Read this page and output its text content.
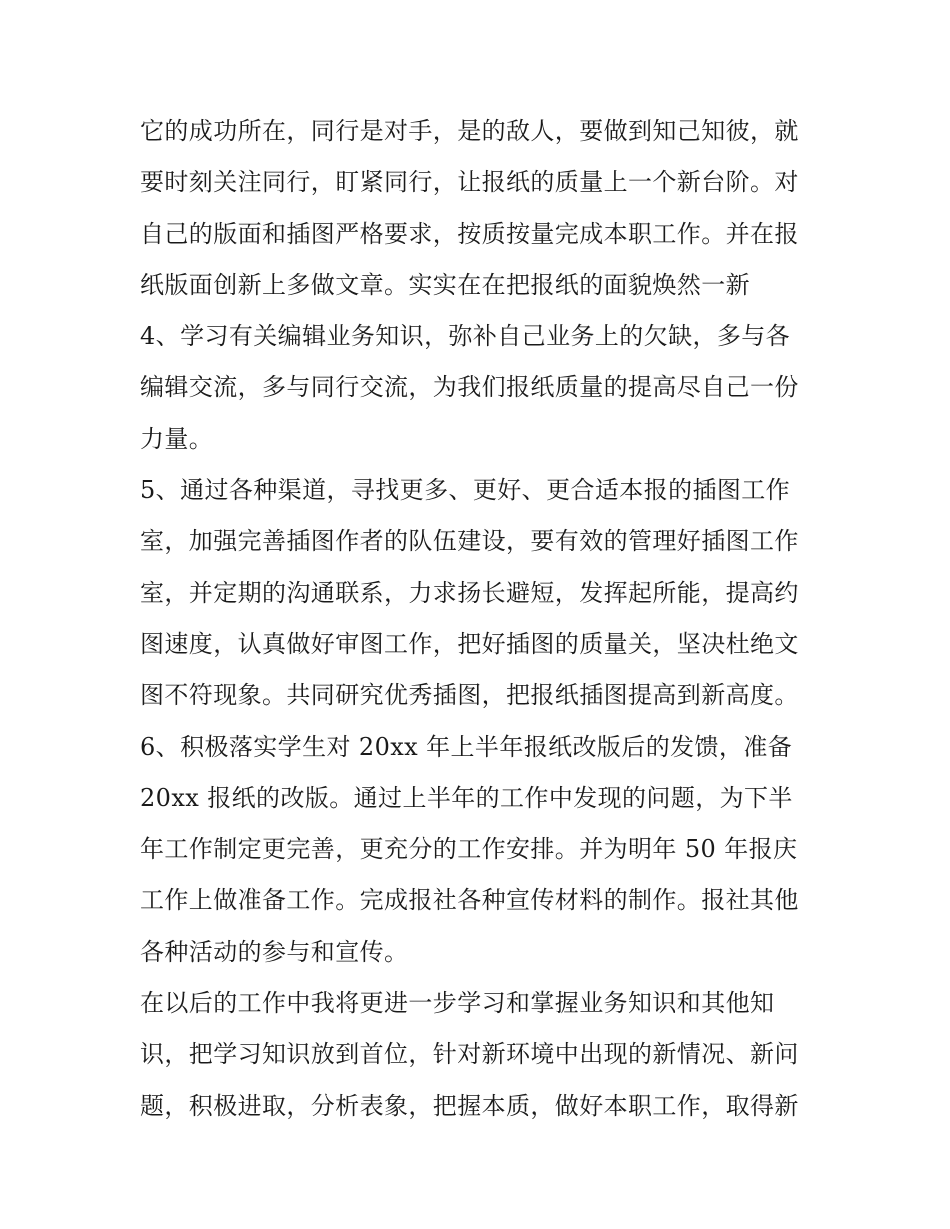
它的成功所在，同行是对手，是的敌人，要做到知己知彼，就
要时刻关注同行，盯紧同行，让报纸的质量上一个新台阶。对
自己的版面和插图严格要求，按质按量完成本职工作。并在报
纸版面创新上多做文章。实实在在把报纸的面貌焕然一新
4、学习有关编辑业务知识，弥补自己业务上的欠缺，多与各
编辑交流，多与同行交流，为我们报纸质量的提高尽自己一份
力量。
5、通过各种渠道，寻找更多、更好、更合适本报的插图工作
室，加强完善插图作者的队伍建设，要有效的管理好插图工作
室，并定期的沟通联系，力求扬长避短，发挥起所能，提高约
图速度，认真做好审图工作，把好插图的质量关，坚决杜绝文
图不符现象。共同研究优秀插图，把报纸插图提高到新高度。
6、积极落实学生对 20xx 年上半年报纸改版后的发馈，准备
20xx 报纸的改版。通过上半年的工作中发现的问题，为下半
年工作制定更完善，更充分的工作安排。并为明年 50 年报庆
工作上做准备工作。完成报社各种宣传材料的制作。报社其他
各种活动的参与和宣传。
在以后的工作中我将更进一步学习和掌握业务知识和其他知
识，把学习知识放到首位，针对新环境中出现的新情况、新问
题，积极进取，分析表象，把握本质，做好本职工作，取得新
